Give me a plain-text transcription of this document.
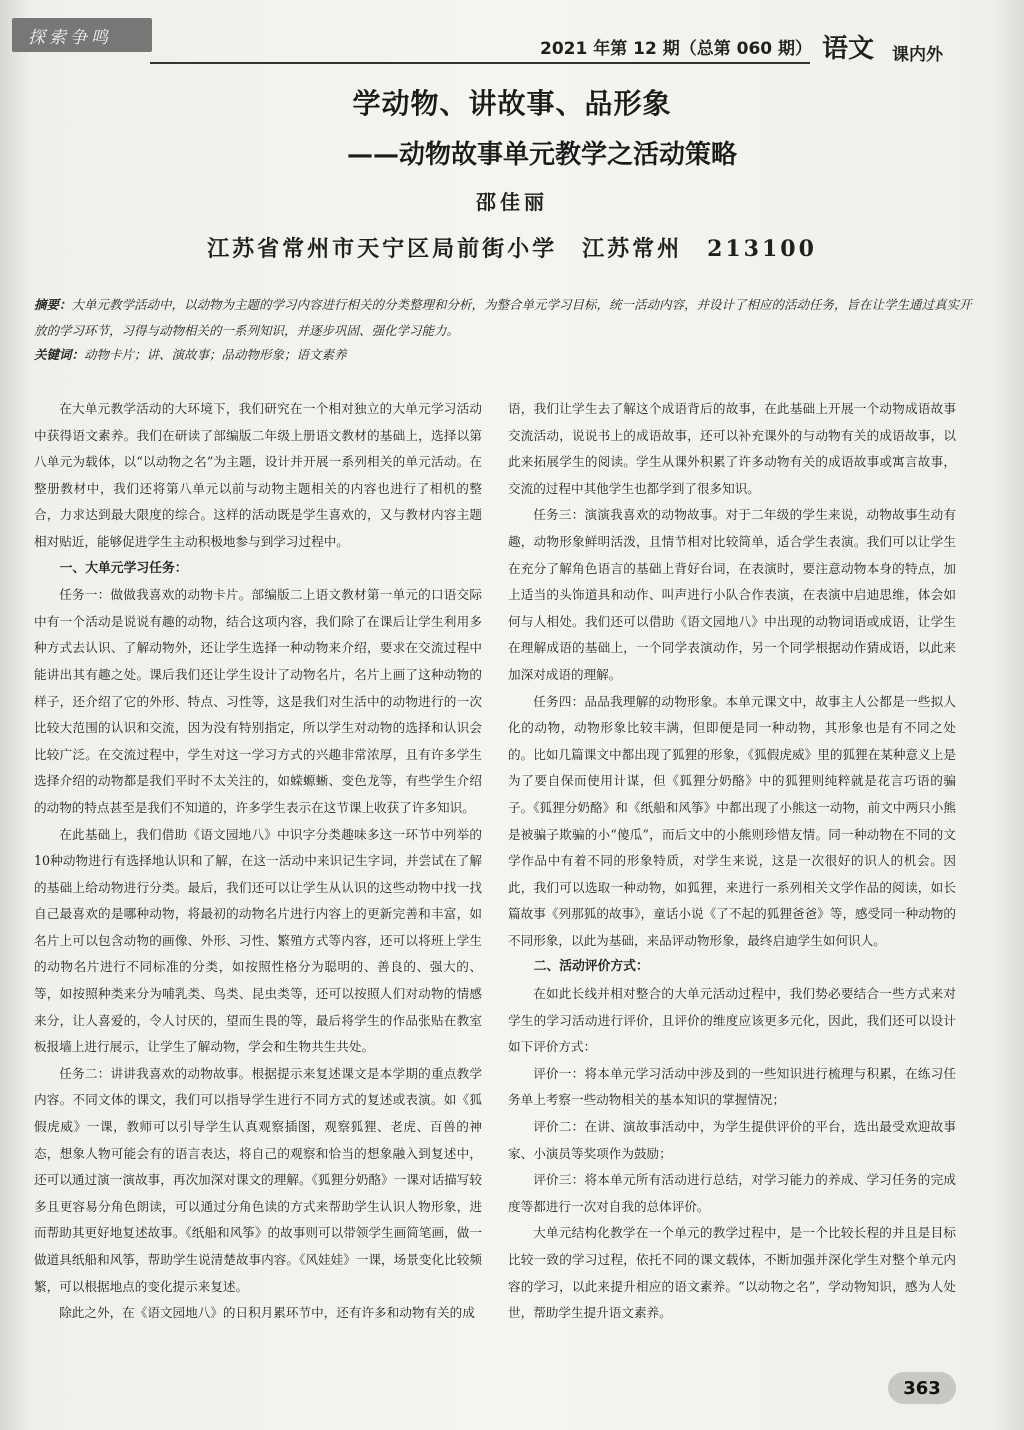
探索争鸣
2021 年第 12 期（总第 060 期） 语文 课内外
学动物、讲故事、品形象
——动物故事单元教学之活动策略
邵佳丽
江苏省常州市天宁区局前街小学　江苏常州　213100
摘要：大单元教学活动中，以动物为主题的学习内容进行相关的分类整理和分析，为整合单元学习目标，统一活动内容，并设计了相应的活动任务，旨在让学生通过真实开放的学习环节，习得与动物相关的一系列知识，并逐步巩固、强化学习能力。
关键词：动物卡片；讲、演故事；品动物形象；语文素养

在大单元教学活动的大环境下，我们研究在一个相对独立的大单元学习活动中获得语文素养。我们在研读了部编版二年级上册语文教材的基础上，选择以第八单元为载体，以“以动物之名”为主题，设计并开展一系列相关的单元活动。在整册教材中，我们还将第八单元以前与动物主题相关的内容也进行了相机的整合，力求达到最大限度的综合。这样的活动既是学生喜欢的，又与教材内容主题相对贴近，能够促进学生主动积极地参与到学习过程中。

一、大单元学习任务：

任务一：做做我喜欢的动物卡片。部编版二上语文教材第一单元的口语交际中有一个活动是说说有趣的动物，结合这项内容，我们除了在课后让学生利用多种方式去认识、了解动物外，还让学生选择一种动物来介绍，要求在交流过程中能讲出其有趣之处。课后我们还让学生设计了动物名片，名片上画了这种动物的样子，还介绍了它的外形、特点、习性等，这是我们对生活中的动物进行的一次比较大范围的认识和交流，因为没有特别指定，所以学生对动物的选择和认识会比较广泛。在交流过程中，学生对这一学习方式的兴趣非常浓厚，且有许多学生选择介绍的动物都是我们平时不太关注的，如蝾螈蜥、变色龙等，有些学生介绍的动物的特点甚至是我们不知道的，许多学生表示在这节课上收获了许多知识。

在此基础上，我们借助《语文园地八》中识字分类趣味多这一环节中列举的10种动物进行有选择地认识和了解，在这一活动中来识记生字词，并尝试在了解的基础上给动物进行分类。最后，我们还可以让学生从认识的这些动物中找一找自己最喜欢的是哪种动物，将最初的动物名片进行内容上的更新完善和丰富，如名片上可以包含动物的画像、外形、习性、繁殖方式等内容，还可以将班上学生的动物名片进行不同标准的分类，如按照性格分为聪明的、善良的、强大的、等，如按照种类来分为哺乳类、鸟类、昆虫类等，还可以按照人们对动物的情感来分，让人喜爱的，令人讨厌的，望而生畏的等，最后将学生的作品张贴在教室板报墙上进行展示，让学生了解动物，学会和生物共生共处。

任务二：讲讲我喜欢的动物故事。根据提示来复述课文是本学期的重点教学内容。不同文体的课文，我们可以指导学生进行不同方式的复述或表演。如《狐假虎威》一课，教师可以引导学生认真观察插图，观察狐狸、老虎、百兽的神态，想象人物可能会有的语言表达，将自己的观察和恰当的想象融入到复述中，还可以通过演一演故事，再次加深对课文的理解。《狐狸分奶酪》一课对话描写较多且更容易分角色朗读，可以通过分角色读的方式来帮助学生认识人物形象，进而帮助其更好地复述故事。《纸船和风筝》的故事则可以带领学生画简笔画，做一做道具纸船和风筝，帮助学生说清楚故事内容。《风娃娃》一课，场景变化比较频繁，可以根据地点的变化提示来复述。

除此之外，在《语文园地八》的日积月累环节中，还有许多和动物有关的成

语，我们让学生去了解这个成语背后的故事，在此基础上开展一个动物成语故事交流活动，说说书上的成语故事，还可以补充课外的与动物有关的成语故事，以此来拓展学生的阅读。学生从课外积累了许多动物有关的成语故事或寓言故事，交流的过程中其他学生也都学到了很多知识。

任务三：演演我喜欢的动物故事。对于二年级的学生来说，动物故事生动有趣，动物形象鲜明活泼，且情节相对比较简单，适合学生表演。我们可以让学生在充分了解角色语言的基础上背好台词，在表演时，要注意动物本身的特点，加上适当的头饰道具和动作、叫声进行小队合作表演，在表演中启迪思维，体会如何与人相处。我们还可以借助《语文园地八》中出现的动物词语或成语，让学生在理解成语的基础上，一个同学表演动作，另一个同学根据动作猜成语，以此来加深对成语的理解。

任务四：品品我理解的动物形象。本单元课文中，故事主人公都是一些拟人化的动物，动物形象比较丰满，但即便是同一种动物，其形象也是有不同之处的。比如几篇课文中都出现了狐狸的形象，《狐假虎威》里的狐狸在某种意义上是为了要自保而使用计谋，但《狐狸分奶酪》中的狐狸则纯粹就是花言巧语的骗子。《狐狸分奶酪》和《纸船和风筝》中都出现了小熊这一动物，前文中两只小熊是被骗子欺骗的小“傻瓜”，而后文中的小熊则珍惜友情。同一种动物在不同的文学作品中有着不同的形象特质，对学生来说，这是一次很好的识人的机会。因此，我们可以选取一种动物，如狐狸，来进行一系列相关文学作品的阅读，如长篇故事《列那狐的故事》，童话小说《了不起的狐狸爸爸》等，感受同一种动物的不同形象，以此为基础，来品评动物形象，最终启迪学生如何识人。

二、活动评价方式：

在如此长线并相对整合的大单元活动过程中，我们势必要结合一些方式来对学生的学习活动进行评价，且评价的维度应该更多元化，因此，我们还可以设计如下评价方式：

评价一：将本单元学习活动中涉及到的一些知识进行梳理与积累，在练习任务单上考察一些动物相关的基本知识的掌握情况；

评价二：在讲、演故事活动中，为学生提供评价的平台，选出最受欢迎故事家、小演员等奖项作为鼓励；

评价三：将本单元所有活动进行总结，对学习能力的养成、学习任务的完成度等都进行一次对自我的总体评价。

大单元结构化教学在一个单元的教学过程中，是一个比较长程的并且是目标比较一致的学习过程，依托不同的课文载体，不断加强并深化学生对整个单元内容的学习，以此来提升相应的语文素养。“以动物之名”，学动物知识，感为人处世，帮助学生提升语文素养。

363
